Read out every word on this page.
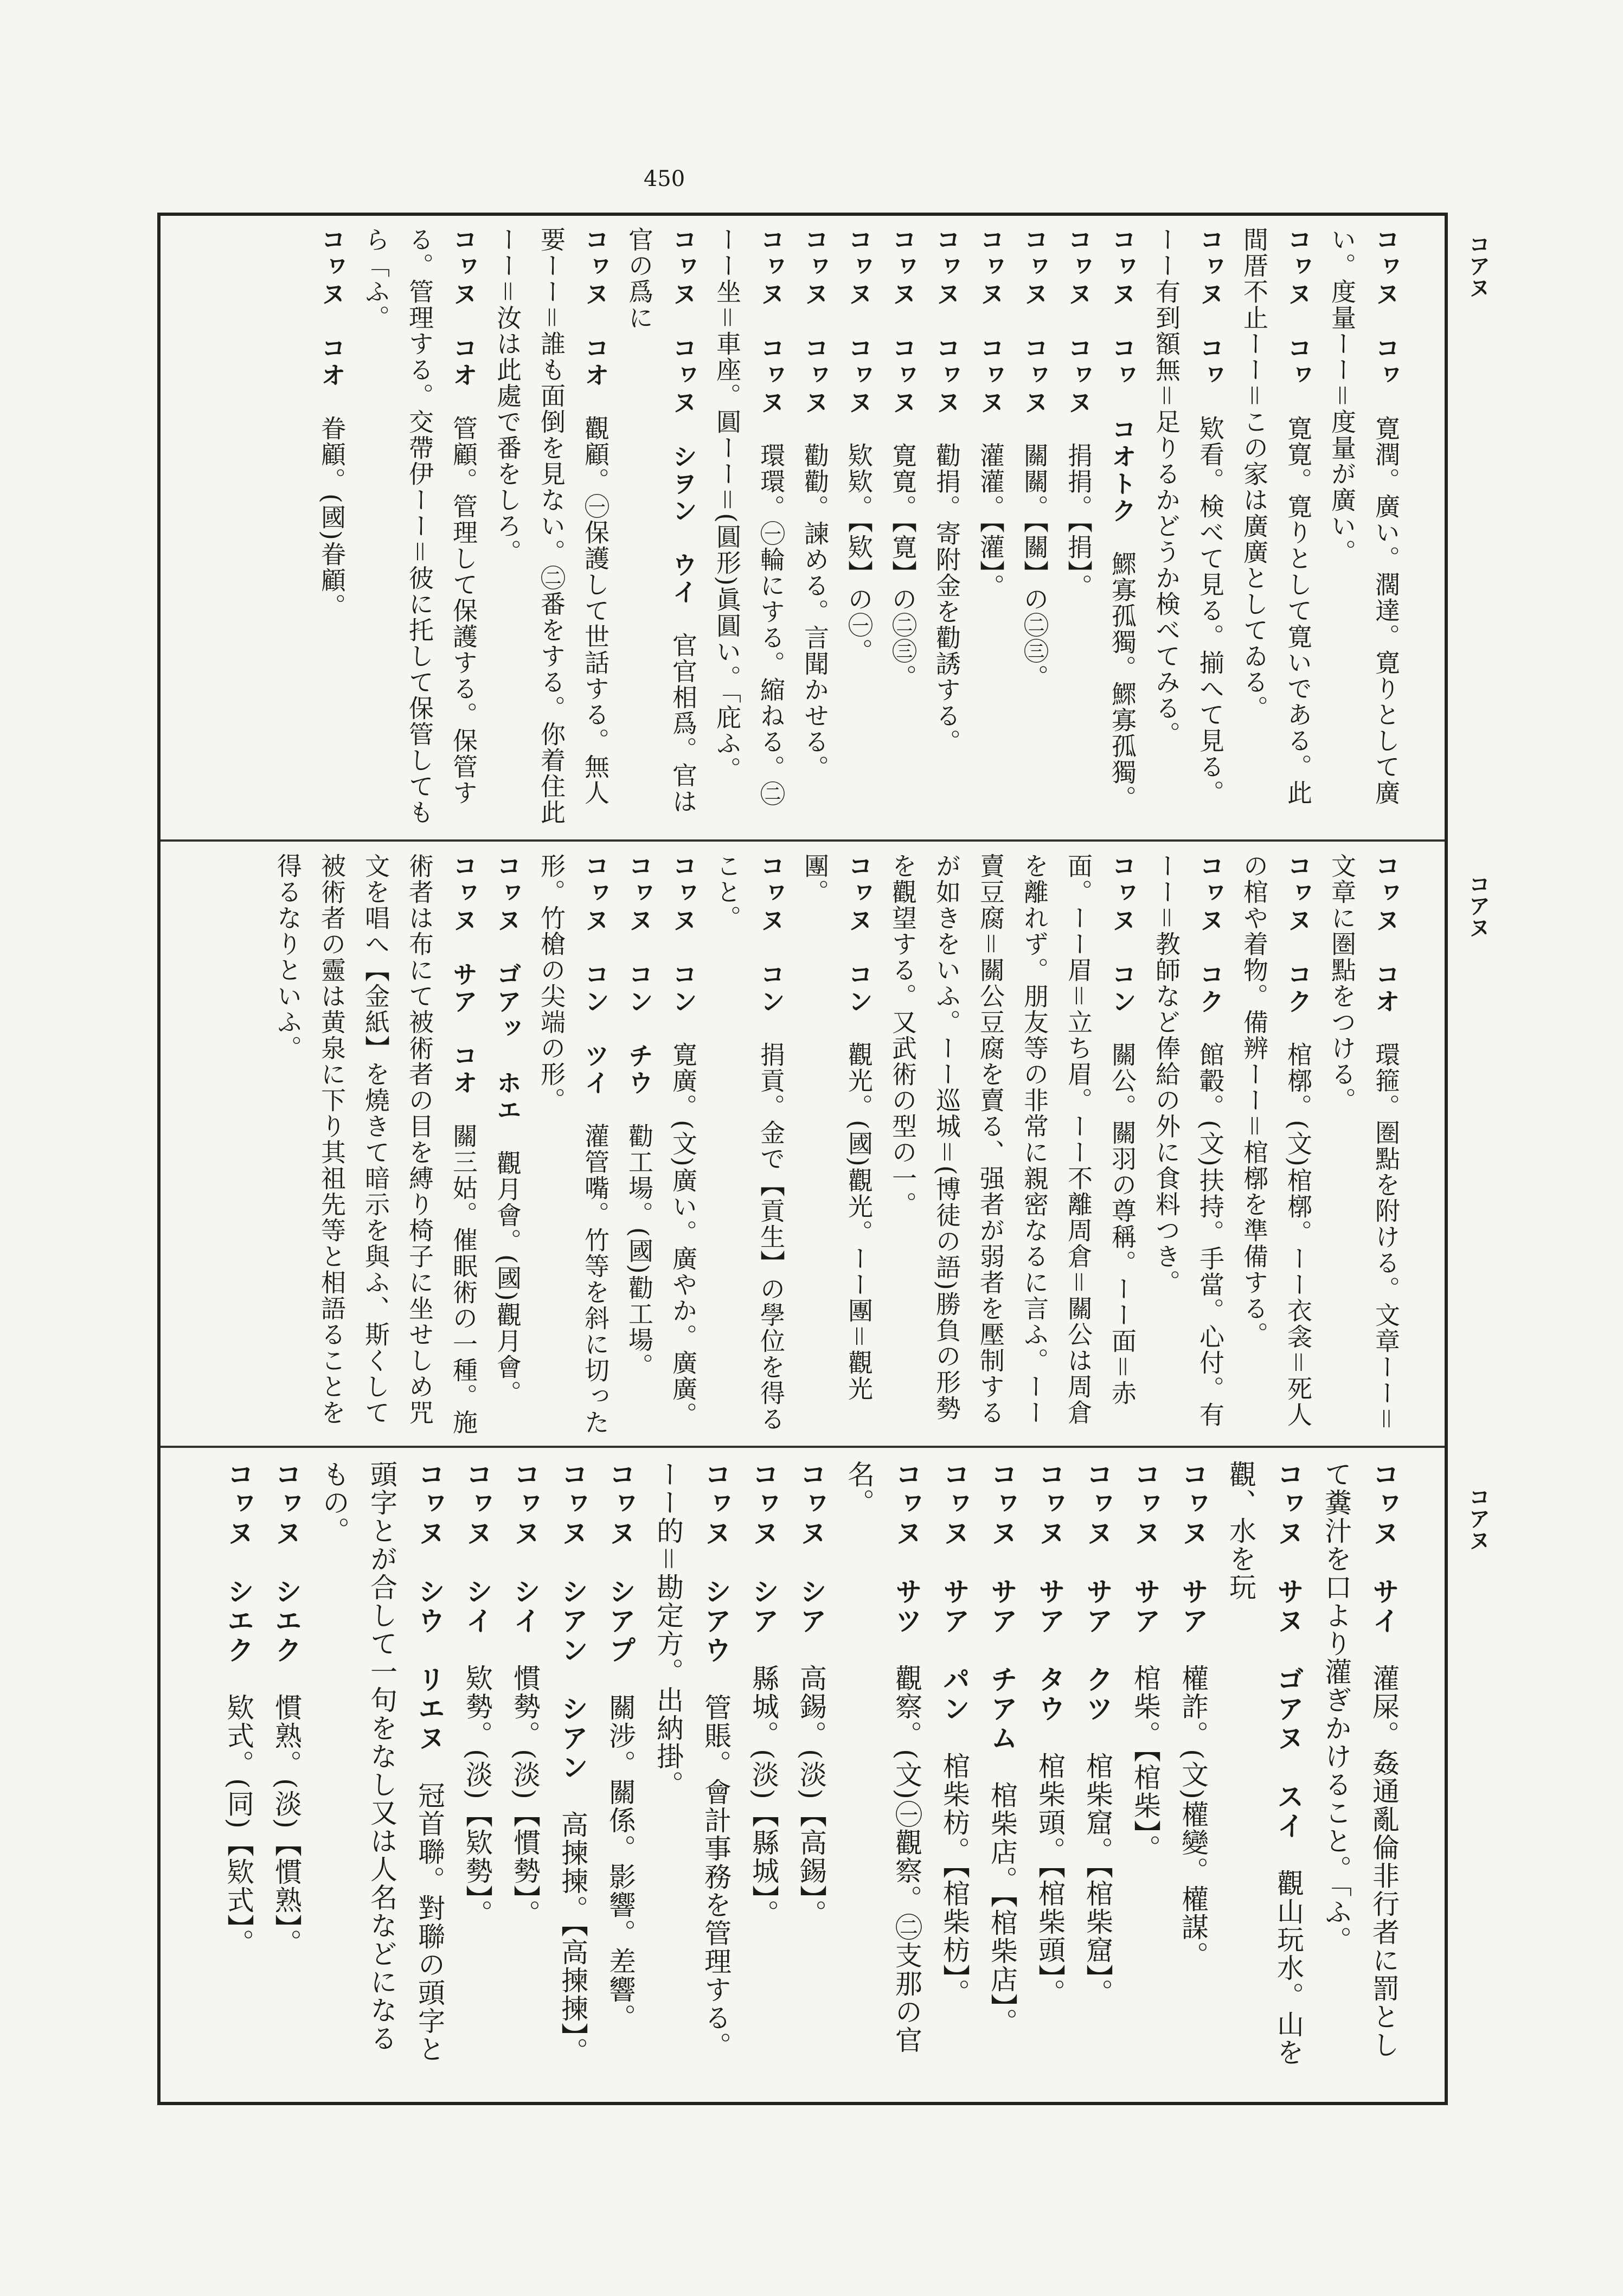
450
コアヌ
コアヌ
コアヌ
コヮヌ　コヮ　寛潤。廣い。濶達。寛りとして廣い。度量ーー＝度量が廣い。
コヮヌ　コヮ　寛寛。寛りとして寛いである。此間厝不止ーー＝この家は廣廣としてゐる。
コヮヌ　コヮ　欵看。検べて見る。揃へて見る。ーー有到額無＝足りるかどうか検べてみる。
コヮヌ　コヮ　コオトク　鰥寡孤獨。鰥寡孤獨。
コヮヌ　コヮヌ　捐捐。【捐】。
コヮヌ　コヮヌ　關關。【關】の㊁㊂。
コヮヌ　コヮヌ　灌灌。【灌】。
コヮヌ　コヮヌ　勸捐。寄附金を勸誘する。
コヮヌ　コヮヌ　寛寛。【寛】の㊁㊂。
コヮヌ　コヮヌ　欵欵。【欵】の㊀。
コヮヌ　コヮヌ　勸勸。諫める。言聞かせる。
コヮヌ　コヮヌ　環環。㊀輪にする。縮ねる。㊁ーー坐＝車座。圓ーー＝(圓形)眞圓い。「庇ふ。
コヮヌ　コヮヌ　シヲン　ウイ　官官相爲。官は官の爲に
コヮヌ　コオ　觀顧。㊀保護して世話する。無人要ーー＝誰も面倒を見ない。㊁番をする。你着住此ーー＝汝は此處で番をしろ。
コヮヌ　コオ　管顧。管理して保護する。保管する。管理する。交帶伊ーー＝彼に托して保管してもら「ふ。
コヮヌ　コオ　眷顧。(國)眷顧。
コヮヌ　コオ　環箍。圏點を附ける。文章ーー＝文章に圏點をつける。
コヮヌ　コク　棺槨。(文)棺槨。ーー衣衾＝死人の棺や着物。備辨ーー＝棺槨を準備する。
コヮヌ　コク　館轂。(文)扶持。手當。心付。有ーー＝教師など俸給の外に食料つき。
コヮヌ　コン　關公。關羽の尊稱。ーー面＝赤面。ーー眉＝立ち眉。ーー不離周倉＝關公は周倉を離れず。朋友等の非常に親密なるに言ふ。ーー賣豆腐＝關公豆腐を賣る、强者が弱者を壓制するが如きをいふ。ーー巡城＝(博徒の語)勝負の形勢を觀望する。又武術の型の一。
コヮヌ　コン　觀光。(國)觀光。ーー團＝觀光團。
コヮヌ　コン　捐貢。金で【貢生】の學位を得ること。
コヮヌ　コン　寛廣。(文)廣い。廣やか。廣廣。
コヮヌ　コン　チウ　勸工場。(國)勸工場。
コヮヌ　コン　ツイ　灌管嘴。竹等を斜に切った形。竹槍の尖端の形。
コヮヌ　ゴアッ　ホエ　觀月會。(國)觀月會。
コヮヌ　サア　コオ　關三姑。催眠術の一種。施術者は布にて被術者の目を縛り椅子に坐せしめ咒文を唱へ【金紙】を燒きて暗示を與ふ、斯くして被術者の靈は黄泉に下り其祖先等と相語ることを得るなりといふ。
コヮヌ　サイ　灌屎。姦通亂倫非行者に罰として糞汁を口より灌ぎかけること。「ふ。
コヮヌ　サヌ　ゴアヌ　スイ　觀山玩水。山を觀、水を玩
コヮヌ　サア　權詐。(文)權變。權謀。
コヮヌ　サア　棺柴。【棺柴】。
コヮヌ　サア　クツ　棺柴窟。【棺柴窟】。
コヮヌ　サア　タウ　棺柴頭。【棺柴頭】。
コヮヌ　サア　チアム　棺柴店。【棺柴店】。
コヮヌ　サア　パン　棺柴枋。【棺柴枋】。
コヮヌ　サツ　觀察。(文)㊀觀察。㊁支那の官名。
コヮヌ　シア　高錫。(淡)【高錫】。
コヮヌ　シア　縣城。(淡)【縣城】。
コヮヌ　シアウ　管賬。會計事務を管理する。ーー的＝勘定方。出納掛。
コヮヌ　シアプ　關涉。關係。影響。差響。
コヮヌ　シアン　シアン　高揀揀。【高揀揀】。
コヮヌ　シイ　慣勢。(淡)【慣勢】。
コヮヌ　シイ　欵勢。(淡)【欵勢】。
コヮヌ　シウ　リエヌ　冠首聯。對聯の頭字と頭字とが合して一句をなし又は人名などになるもの。
コヮヌ　シエク　慣熟。(淡)【慣熟】。
コヮヌ　シエク　欵式。(同)【欵式】。
